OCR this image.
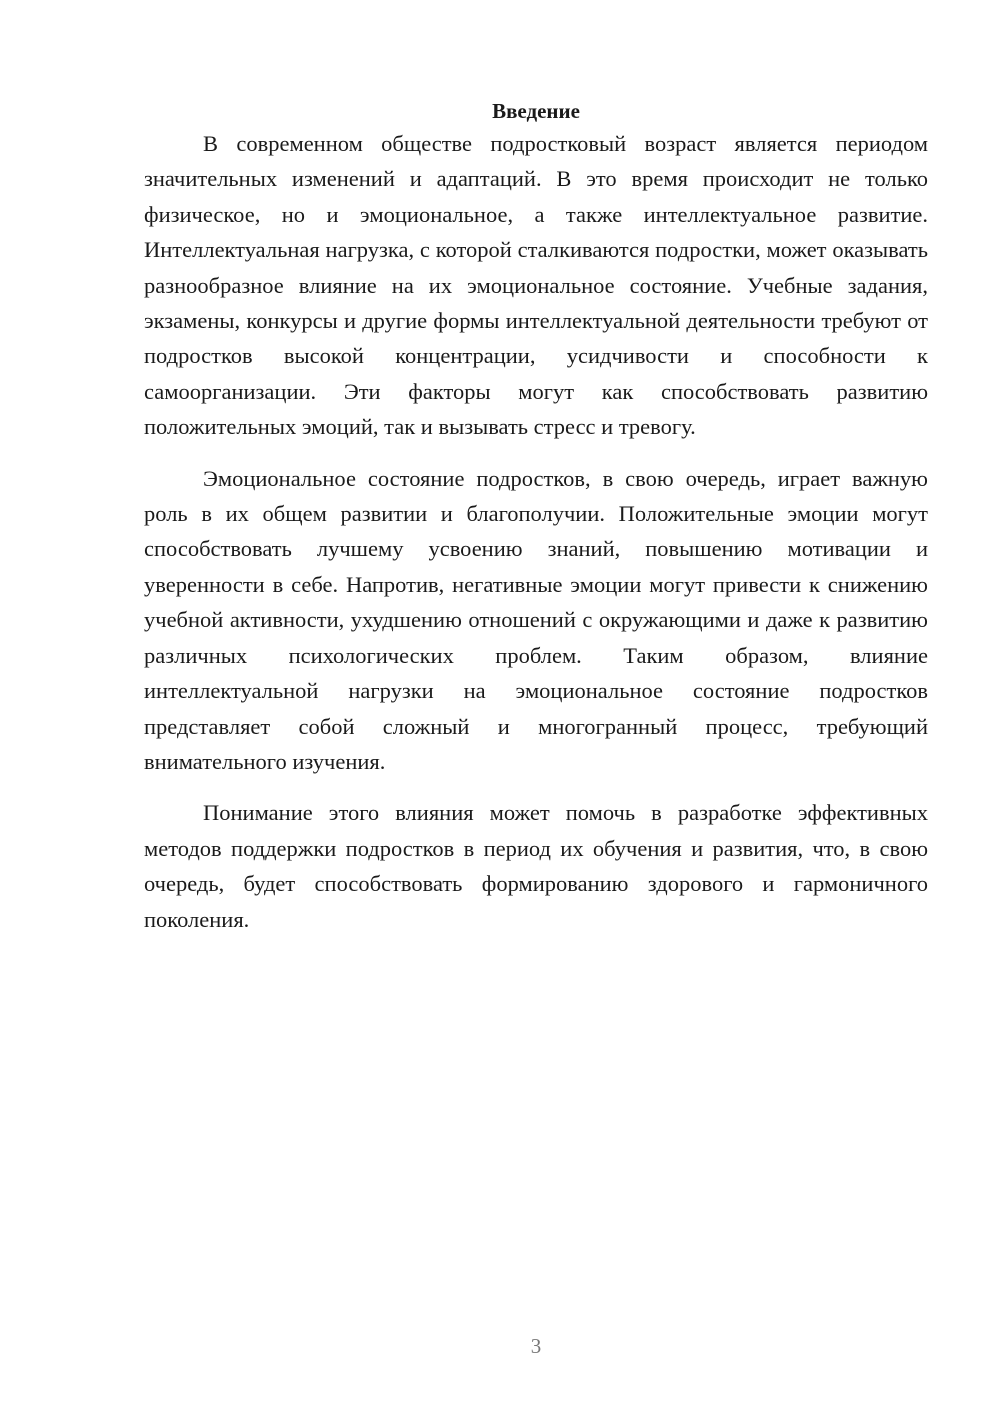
Введение

В современном обществе подростковый возраст является периодом значительных изменений и адаптаций. В это время происходит не только физическое, но и эмоциональное, а также интеллектуальное развитие. Интеллектуальная нагрузка, с которой сталкиваются подростки, может оказывать разнообразное влияние на их эмоциональное состояние. Учебные задания, экзамены, конкурсы и другие формы интеллектуальной деятельности требуют от подростков высокой концентрации, усидчивости и способности к самоорганизации. Эти факторы могут как способствовать развитию положительных эмоций, так и вызывать стресс и тревогу.

Эмоциональное состояние подростков, в свою очередь, играет важную роль в их общем развитии и благополучии. Положительные эмоции могут способствовать лучшему усвоению знаний, повышению мотивации и уверенности в себе. Напротив, негативные эмоции могут привести к снижению учебной активности, ухудшению отношений с окружающими и даже к развитию различных психологических проблем. Таким образом, влияние интеллектуальной нагрузки на эмоциональное состояние подростков представляет собой сложный и многогранный процесс, требующий внимательного изучения.

Понимание этого влияния может помочь в разработке эффективных методов поддержки подростков в период их обучения и развития, что, в свою очередь, будет способствовать формированию здорового и гармоничного поколения.

3
